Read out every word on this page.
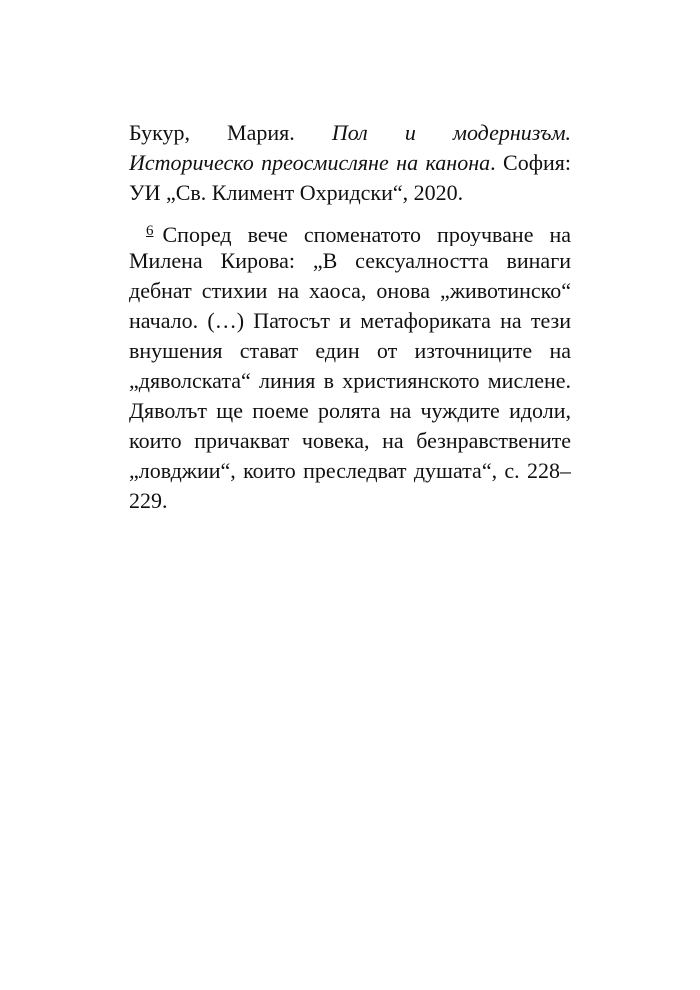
Букур, Мария. Пол и модернизъм.
Историческо преосмисляне на канона. София:
УИ „Св. Климент Охридски“, 2020.
$^6$ Според вече споменатото проучване на
Милена Кирова: „В сексуалността винаги
дебнат стихии на хаоса, онова „животинско“
начало. (…) Патосът и метафориката на тези
внушения стават един от източниците на
„дяволската“ линия в християнското мислене.
Дяволът ще поеме ролята на чуждите идоли,
които причакват човека, на безнравствените
„ловджии“, които преследват душата“, с. 228–
229.
